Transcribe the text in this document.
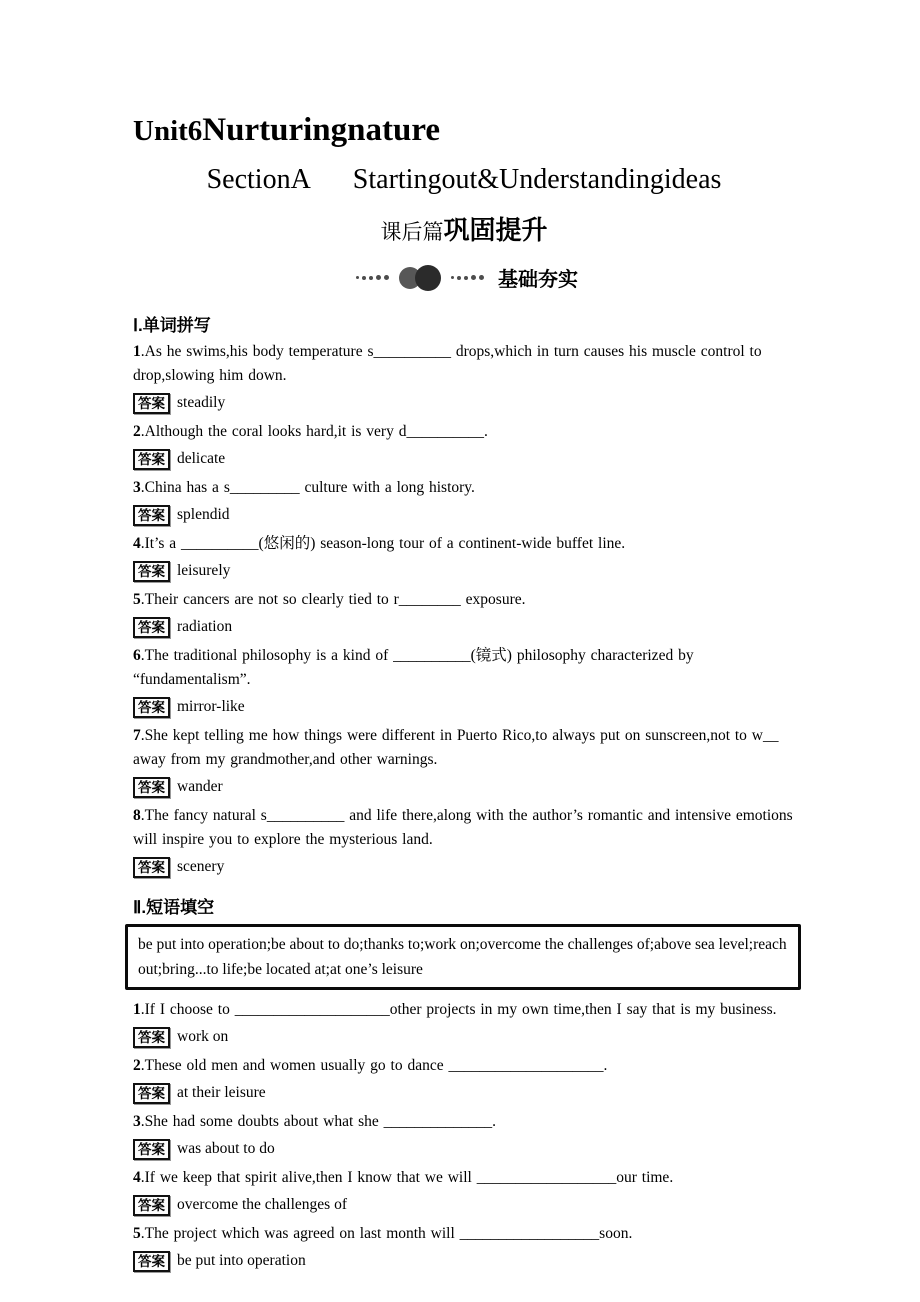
Unit6Nurturingnature
SectionA Startingout&Understandingideas
课后篇巩固提升
基础夯实
Ⅰ.单词拼写

1.As he swims,his body temperature s__________ drops,which in turn causes his muscle control to drop,slowing him down.

答案 steadily

2.Although the coral looks hard,it is very d__________.

答案 delicate

3.China has a s_________ culture with a long history.

答案 splendid

4.It’s a __________(悠闲的) season-long tour of a continent-wide buffet line.

答案 leisurely

5.Their cancers are not so clearly tied to r________ exposure.

答案 radiation

6.The traditional philosophy is a kind of __________(镜式) philosophy characterized by “fundamentalism”.

答案 mirror-like

7.She kept telling me how things were different in Puerto Rico,to always put on sunscreen,not to w__ away from my grandmother,and other warnings.

答案 wander

8.The fancy natural s__________ and life there,along with the author’s romantic and intensive emotions will inspire you to explore the mysterious land.

答案 scenery

Ⅱ.短语填空
be put into operation;be about to do;thanks to;work on;overcome the challenges of;above sea level;reach out;bring...to life;be located at;at one’s leisure

1.If I choose to ____________________other projects in my own time,then I say that is my business.

答案 work on

2.These old men and women usually go to dance ____________________.

答案 at their leisure

3.She had some doubts about what she ______________.

答案 was about to do

4.If we keep that spirit alive,then I know that we will __________________our time.

答案 overcome the challenges of

5.The project which was agreed on last month will __________________soon.

答案 be put into operation
